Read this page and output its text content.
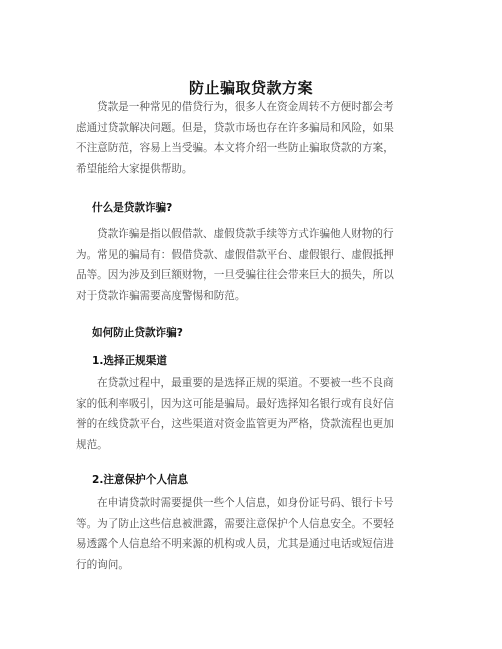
防止骗取贷款方案
贷款是一种常见的借贷行为，很多人在资金周转不方便时都会考
虑通过贷款解决问题。但是，贷款市场也存在许多骗局和风险，如果
不注意防范，容易上当受骗。本文将介绍一些防止骗取贷款的方案，
希望能给大家提供帮助。
什么是贷款诈骗?
贷款诈骗是指以假借款、虚假贷款手续等方式诈骗他人财物的行
为。常见的骗局有：假借贷款、虚假借款平台、虚假银行、虚假抵押
品等。因为涉及到巨额财物，一旦受骗往往会带来巨大的损失，所以
对于贷款诈骗需要高度警惕和防范。
如何防止贷款诈骗?
1.选择正规渠道
在贷款过程中，最重要的是选择正规的渠道。不要被一些不良商
家的低利率吸引，因为这可能是骗局。最好选择知名银行或有良好信
誉的在线贷款平台，这些渠道对资金监管更为严格，贷款流程也更加
规范。
2.注意保护个人信息
在申请贷款时需要提供一些个人信息，如身份证号码、银行卡号
等。为了防止这些信息被泄露，需要注意保护个人信息安全。不要轻
易透露个人信息给不明来源的机构或人员，尤其是通过电话或短信进
行的询问。
